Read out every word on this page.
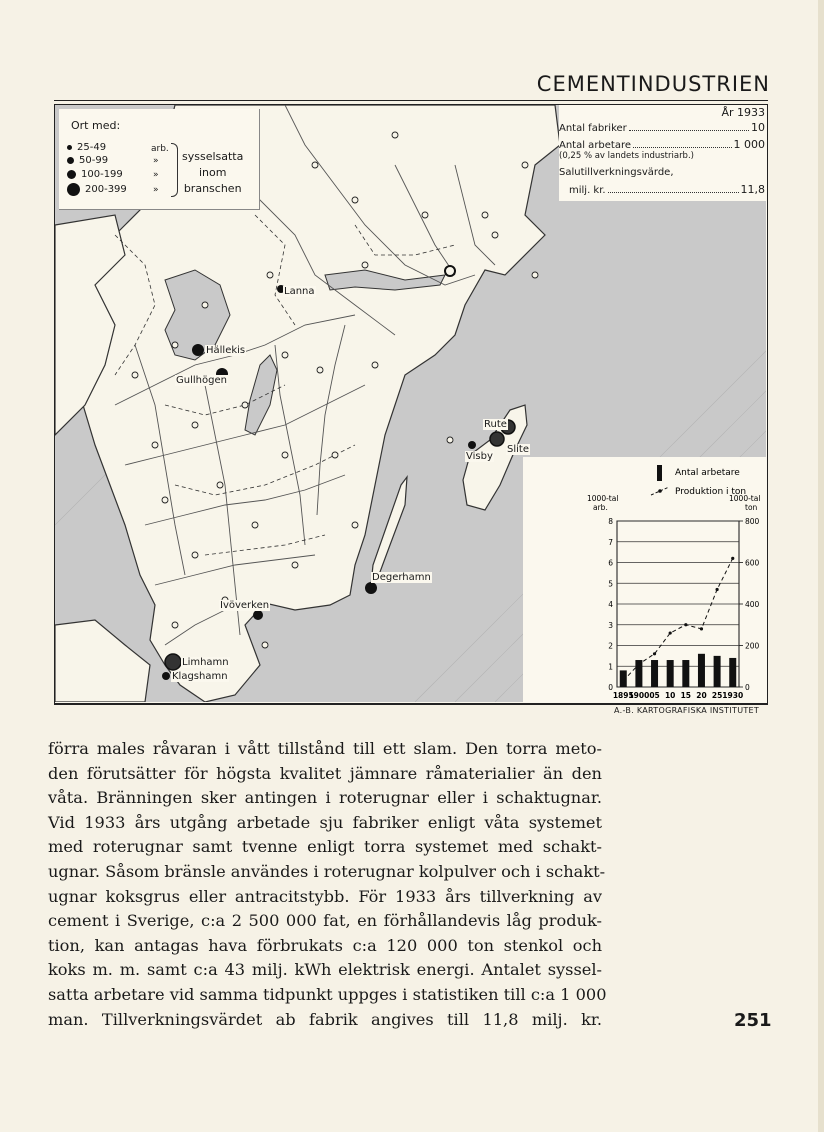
CEMENTINDUSTRIEN
Ort med:
25-49
50-99	»
100-199	»
200-399	»
arb.
sysselsatta
inom
branschen
År 1933
Antal fabriker	10
Antal arbetare	1 000
(0,25 % av landets industriarb.)
Salutillverkningsvärde,
milj. kr.	11,8
Lanna
Hällekis
Gullhögen
Rute
Visby
Slite
Degerhamn
Ivöverken
Limhamn
Klagshamn
Antal arbetare
Produktion i ton
1000-tal
arb.
1000-tal
ton
0
1
2
3
4
5
6
7
8
0
200
400
600
800
1895
1900 05 10 15 20 25 1930
A.-B. KARTOGRAFISKA INSTITUTET
förra males råvaran i vått tillstånd till ett slam. Den torra meto-
den förutsätter för högsta kvalitet jämnare råmaterialier än den
våta. Bränningen sker antingen i roterugnar eller i schaktugnar.
Vid 1933 års utgång arbetade sju fabriker enligt våta systemet
med roterugnar samt tvenne enligt torra systemet med schakt-
ugnar. Såsom bränsle användes i roterugnar kolpulver och i schakt-
ugnar koksgrus eller antracitstybb. För 1933 års tillverkning av
cement i Sverige, c:a 2 500 000 fat, en förhållandevis låg produk-
tion, kan antagas hava förbrukats c:a 120 000 ton stenkol och
koks m. m. samt c:a 43 milj. kWh elektrisk energi. Antalet syssel-
satta arbetare vid samma tidpunkt uppges i statistiken till c:a 1 000
man. Tillverkningsvärdet ab fabrik angives till 11,8 milj. kr.	251
